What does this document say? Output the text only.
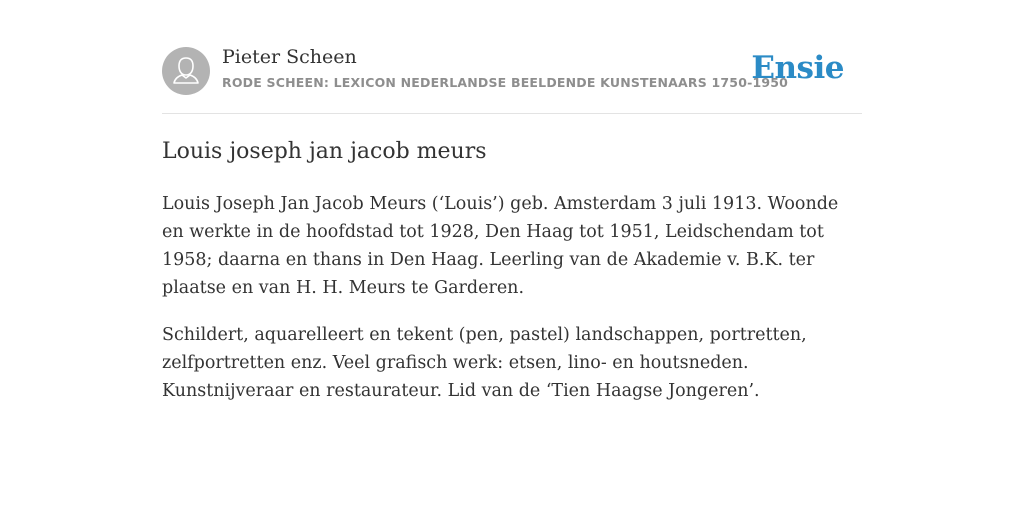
Pieter Scheen
RODE SCHEEN: LEXICON NEDERLANDSE BEELDENDE KUNSTENAARS 1750-1950
Ensie
Louis joseph jan jacob meurs

Louis Joseph Jan Jacob Meurs (‘Louis’) geb. Amsterdam 3 juli 1913. Woonde en werkte in de hoofdstad tot 1928, Den Haag tot 1951, Leidschendam tot 1958; daarna en thans in Den Haag. Leerling van de Akademie v. B.K. ter plaatse en van H. H. Meurs te Garderen.

Schildert, aquarelleert en tekent (pen, pastel) landschappen, portretten, zelfportretten enz. Veel grafisch werk: etsen, lino- en houtsneden. Kunstnijveraar en restaurateur. Lid van de ‘Tien Haagse Jongeren’.
